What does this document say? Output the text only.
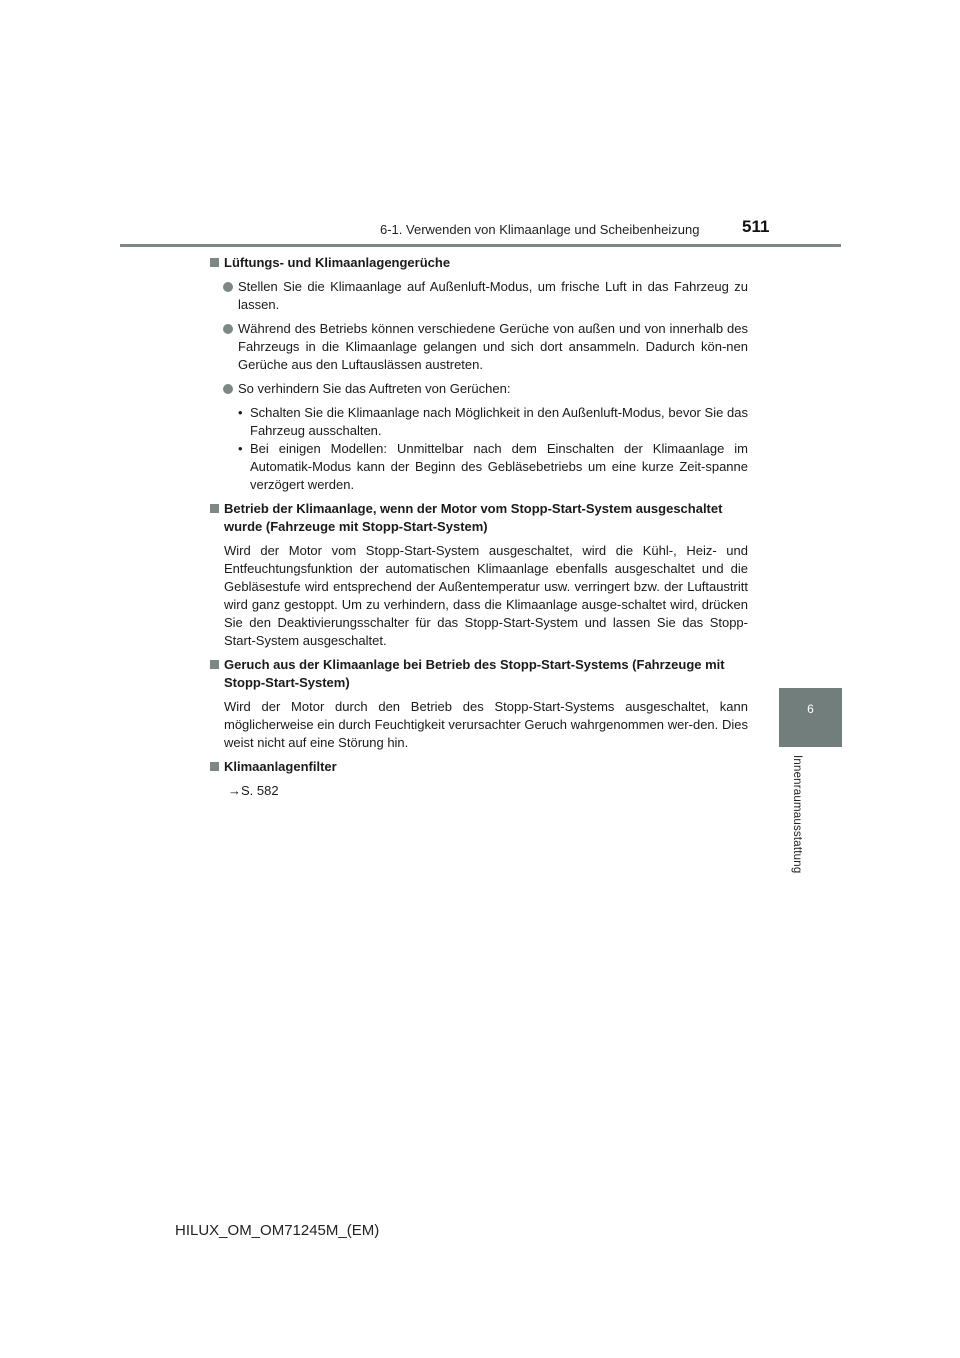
6-1. Verwenden von Klimaanlage und Scheibenheizung	511
6
Innenraumausstattung
Lüftungs- und Klimaanlagengerüche
Stellen Sie die Klimaanlage auf Außenluft-Modus, um frische Luft in das Fahrzeug zu lassen.
Während des Betriebs können verschiedene Gerüche von außen und von innerhalb des Fahrzeugs in die Klimaanlage gelangen und sich dort ansammeln. Dadurch kön-nen Gerüche aus den Luftauslässen austreten.
So verhindern Sie das Auftreten von Gerüchen:
• Schalten Sie die Klimaanlage nach Möglichkeit in den Außenluft-Modus, bevor Sie das Fahrzeug ausschalten.
• Bei einigen Modellen: Unmittelbar nach dem Einschalten der Klimaanlage im Automatik-Modus kann der Beginn des Gebläsebetriebs um eine kurze Zeit-spanne verzögert werden.
Betrieb der Klimaanlage, wenn der Motor vom Stopp-Start-System ausgeschaltet wurde (Fahrzeuge mit Stopp-Start-System)
Wird der Motor vom Stopp-Start-System ausgeschaltet, wird die Kühl-, Heiz- und Entfeuchtungsfunktion der automatischen Klimaanlage ebenfalls ausgeschaltet und die Gebläsestufe wird entsprechend der Außentemperatur usw. verringert bzw. der Luftaustritt wird ganz gestoppt. Um zu verhindern, dass die Klimaanlage ausge-schaltet wird, drücken Sie den Deaktivierungsschalter für das Stopp-Start-System und lassen Sie das Stopp-Start-System ausgeschaltet.
Geruch aus der Klimaanlage bei Betrieb des Stopp-Start-Systems (Fahrzeuge mit Stopp-Start-System)
Wird der Motor durch den Betrieb des Stopp-Start-Systems ausgeschaltet, kann möglicherweise ein durch Feuchtigkeit verursachter Geruch wahrgenommen wer-den. Dies weist nicht auf eine Störung hin.
Klimaanlagenfilter
→S. 582
HILUX_OM_OM71245M_(EM)
